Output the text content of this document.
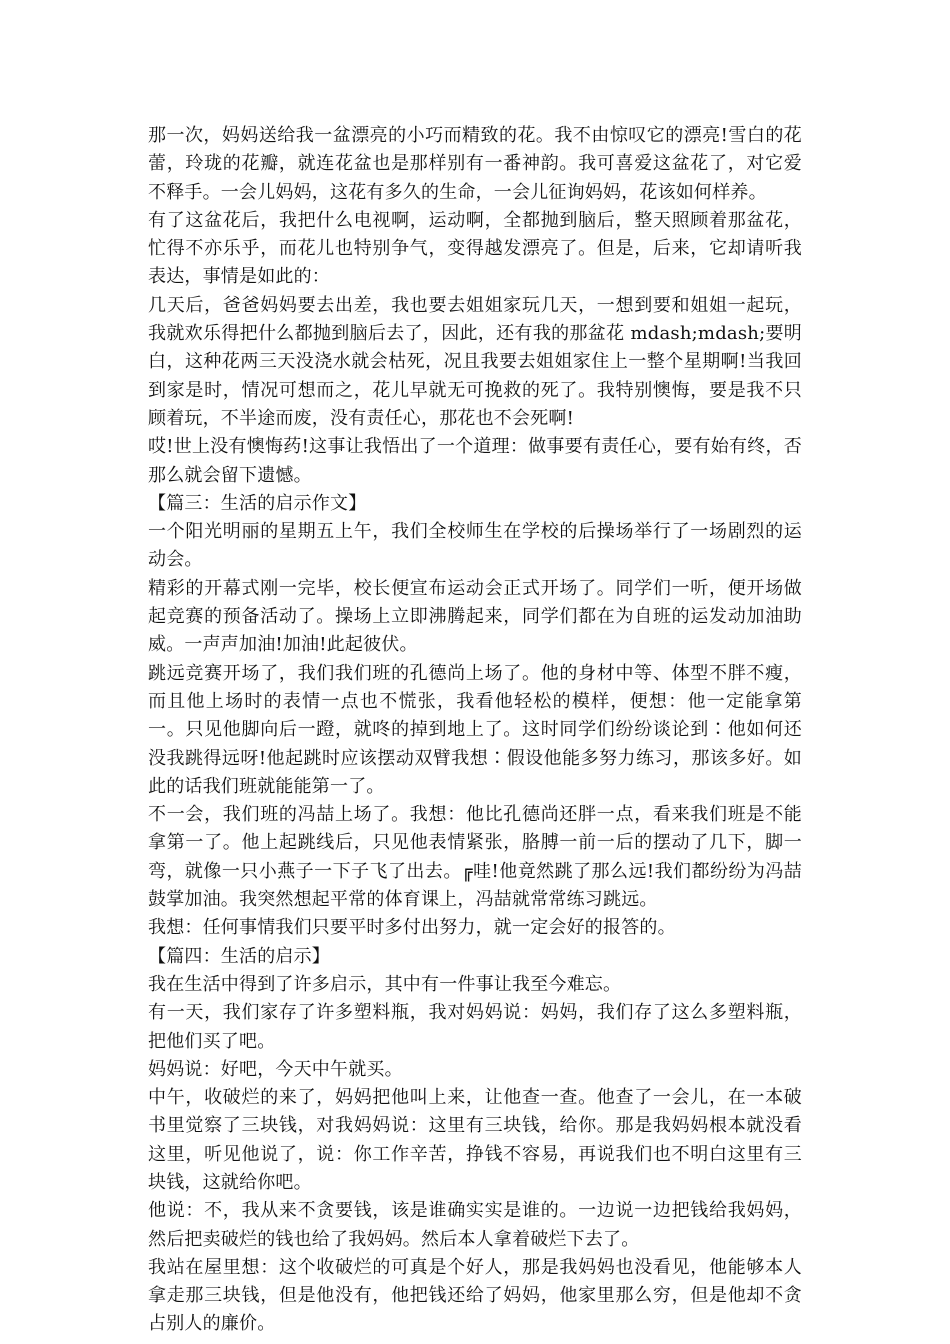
那一次，妈妈送给我一盆漂亮的小巧而精致的花。我不由惊叹它的漂亮!雪白的花蕾，玲珑的花瓣，就连花盆也是那样别有一番神韵。我可喜爱这盆花了，对它爱不释手。一会儿妈妈，这花有多久的生命，一会儿征询妈妈，花该如何样养。

有了这盆花后，我把什么电视啊，运动啊，全都抛到脑后，整天照顾着那盆花，忙得不亦乐乎，而花儿也特别争气，变得越发漂亮了。但是，后来，它却请听我表达，事情是如此的：

几天后，爸爸妈妈要去出差，我也要去姐姐家玩几天，一想到要和姐姐一起玩，我就欢乐得把什么都抛到脑后去了，因此，还有我的那盆花 mdash;mdash;要明白，这种花两三天没浇水就会枯死，况且我要去姐姐家住上一整个星期啊!当我回到家是时，情况可想而之，花儿早就无可挽救的死了。我特别懊悔，要是我不只顾着玩，不半途而废，没有责任心，那花也不会死啊!

哎!世上没有懊悔药!这事让我悟出了一个道理：做事要有责任心，要有始有终，否那么就会留下遗憾。

【篇三：生活的启示作文】

一个阳光明丽的星期五上午，我们全校师生在学校的后操场举行了一场剧烈的运动会。

精彩的开幕式刚一完毕，校长便宣布运动会正式开场了。同学们一听，便开场做起竞赛的预备活动了。操场上立即沸腾起来，同学们都在为自班的运发动加油助威。一声声加油!加油!此起彼伏。

跳远竞赛开场了，我们我们班的孔德尚上场了。他的身材中等、体型不胖不瘦，而且他上场时的表情一点也不慌张，我看他轻松的模样，便想：他一定能拿第一。只见他脚向后一蹬，就咚的掉到地上了。这时同学们纷纷谈论到∶他如何还没我跳得远呀!他起跳时应该摆动双臂我想∶假设他能多努力练习，那该多好。如此的话我们班就能能第一了。

不一会，我们班的冯喆上场了。我想：他比孔德尚还胖一点，看来我们班是不能拿第一了。他上起跳线后，只见他表情紧张，胳膊一前一后的摆动了几下，脚一弯，就像一只小燕子一下子飞了出去。╔哇!他竟然跳了那么远!我们都纷纷为冯喆鼓掌加油。我突然想起平常的体育课上，冯喆就常常练习跳远。

我想：任何事情我们只要平时多付出努力，就一定会好的报答的。

【篇四：生活的启示】

我在生活中得到了许多启示，其中有一件事让我至今难忘。

有一天，我们家存了许多塑料瓶，我对妈妈说：妈妈，我们存了这么多塑料瓶，把他们买了吧。

妈妈说：好吧，今天中午就买。

中午，收破烂的来了，妈妈把他叫上来，让他查一查。他查了一会儿，在一本破书里觉察了三块钱，对我妈妈说：这里有三块钱，给你。那是我妈妈根本就没看这里，听见他说了，说：你工作辛苦，挣钱不容易，再说我们也不明白这里有三块钱，这就给你吧。

他说：不，我从来不贪要钱，该是谁确实实是谁的。一边说一边把钱给我妈妈，然后把卖破烂的钱也给了我妈妈。然后本人拿着破烂下去了。

我站在屋里想：这个收破烂的可真是个好人，那是我妈妈也没看见，他能够本人拿走那三块钱，但是他没有，他把钱还给了妈妈，他家里那么穷，但是他却不贪占别人的廉价。
